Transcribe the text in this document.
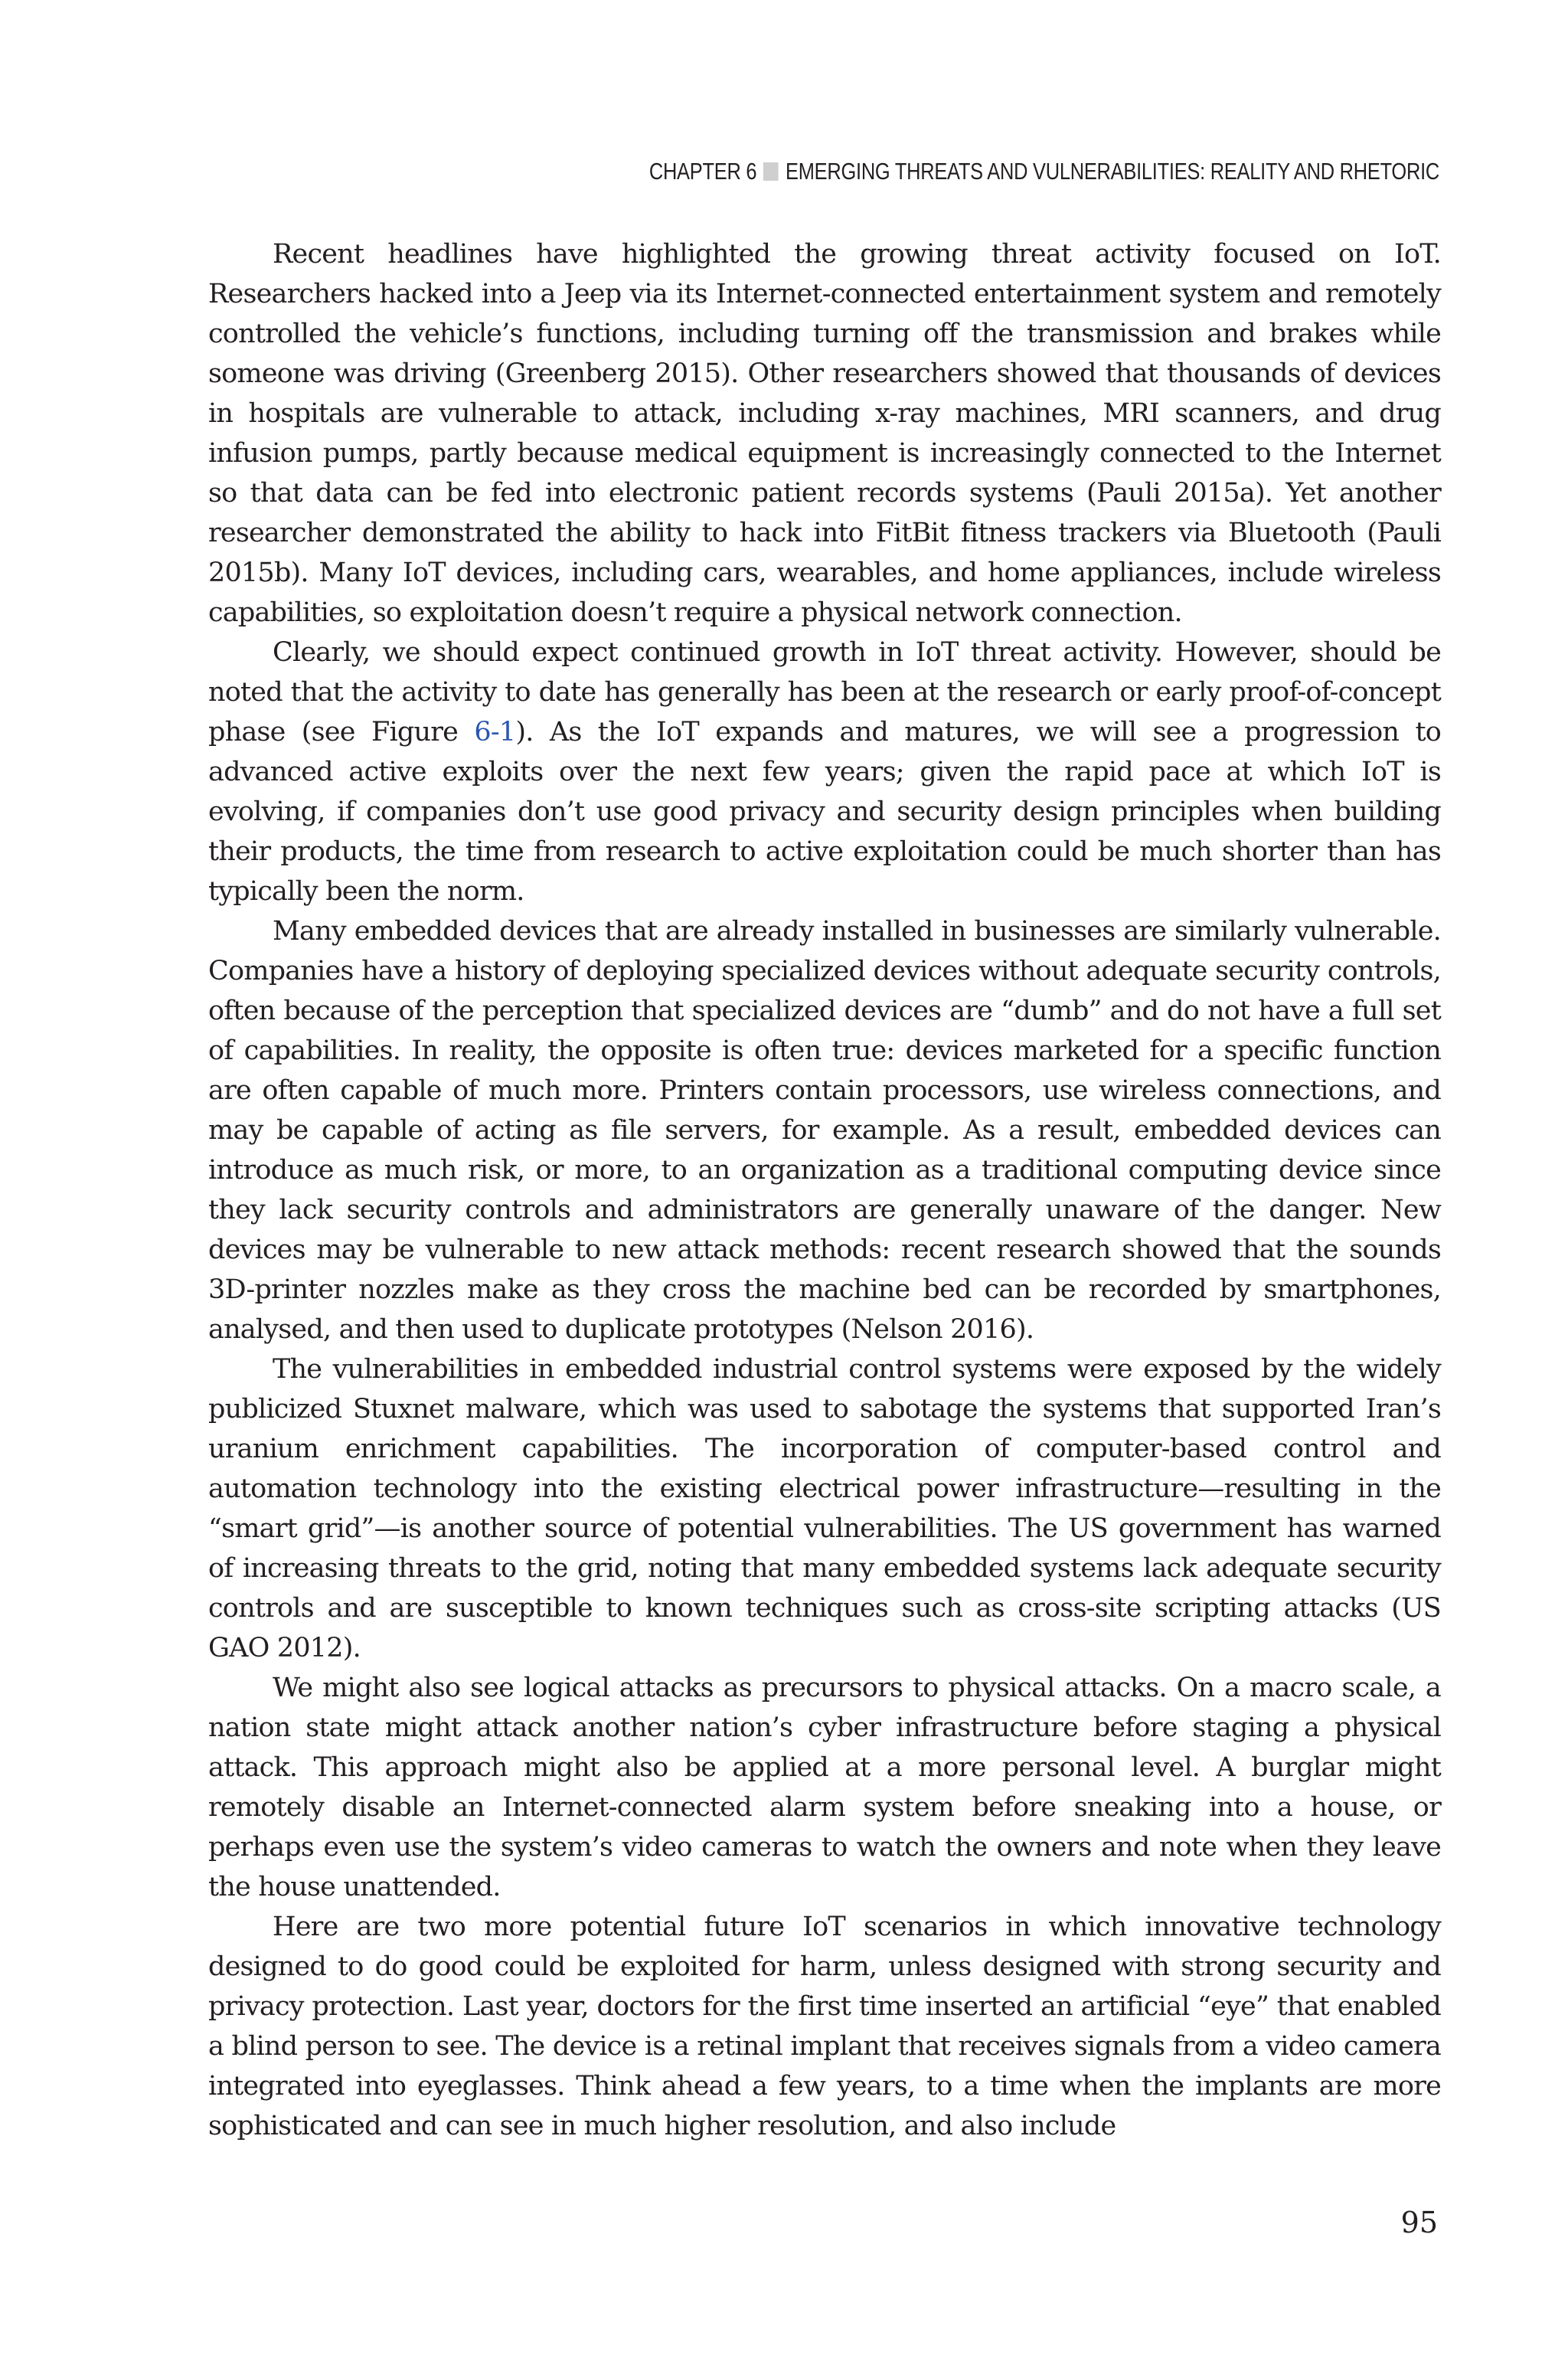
CHAPTER 6 EMERGING THREATS AND VULNERABILITIES: REALITY AND RHETORIC

Recent headlines have highlighted the growing threat activity focused on IoT. Researchers hacked into a Jeep via its Internet-connected entertainment system and remotely controlled the vehicle’s functions, including turning off the transmission and brakes while someone was driving (Greenberg 2015). Other researchers showed that thousands of devices in hospitals are vulnerable to attack, including x-ray machines, MRI scanners, and drug infusion pumps, partly because medical equipment is increasingly connected to the Internet so that data can be fed into electronic patient records systems (Pauli 2015a). Yet another researcher demonstrated the ability to hack into FitBit fitness trackers via Bluetooth (Pauli 2015b). Many IoT devices, including cars, wearables, and home appliances, include wireless capabilities, so exploitation doesn’t require a physical network connection.

Clearly, we should expect continued growth in IoT threat activity. However, should be noted that the activity to date has generally has been at the research or early proof-of-concept phase (see Figure 6-1). As the IoT expands and matures, we will see a progression to advanced active exploits over the next few years; given the rapid pace at which IoT is evolving, if companies don’t use good privacy and security design principles when building their products, the time from research to active exploitation could be much shorter than has typically been the norm.

Many embedded devices that are already installed in businesses are similarly vulnerable. Companies have a history of deploying specialized devices without adequate security controls, often because of the perception that specialized devices are “dumb” and do not have a full set of capabilities. In reality, the opposite is often true: devices marketed for a specific function are often capable of much more. Printers contain processors, use wireless connections, and may be capable of acting as file servers, for example. As a result, embedded devices can introduce as much risk, or more, to an organization as a traditional computing device since they lack security controls and administrators are generally unaware of the danger. New devices may be vulnerable to new attack methods: recent research showed that the sounds 3D-printer nozzles make as they cross the machine bed can be recorded by smartphones, analysed, and then used to duplicate prototypes (Nelson 2016).

The vulnerabilities in embedded industrial control systems were exposed by the widely publicized Stuxnet malware, which was used to sabotage the systems that supported Iran’s uranium enrichment capabilities. The incorporation of computer-based control and automation technology into the existing electrical power infrastructure—resulting in the “smart grid”—is another source of potential vulnerabilities. The US government has warned of increasing threats to the grid, noting that many embedded systems lack adequate security controls and are susceptible to known techniques such as cross-site scripting attacks (US GAO 2012).

We might also see logical attacks as precursors to physical attacks. On a macro scale, a nation state might attack another nation’s cyber infrastructure before staging a physical attack. This approach might also be applied at a more personal level. A burglar might remotely disable an Internet-connected alarm system before sneaking into a house, or perhaps even use the system’s video cameras to watch the owners and note when they leave the house unattended.

Here are two more potential future IoT scenarios in which innovative technology designed to do good could be exploited for harm, unless designed with strong security and privacy protection. Last year, doctors for the first time inserted an artificial “eye” that enabled a blind person to see. The device is a retinal implant that receives signals from a video camera integrated into eyeglasses. Think ahead a few years, to a time when the implants are more sophisticated and can see in much higher resolution, and also include

95
